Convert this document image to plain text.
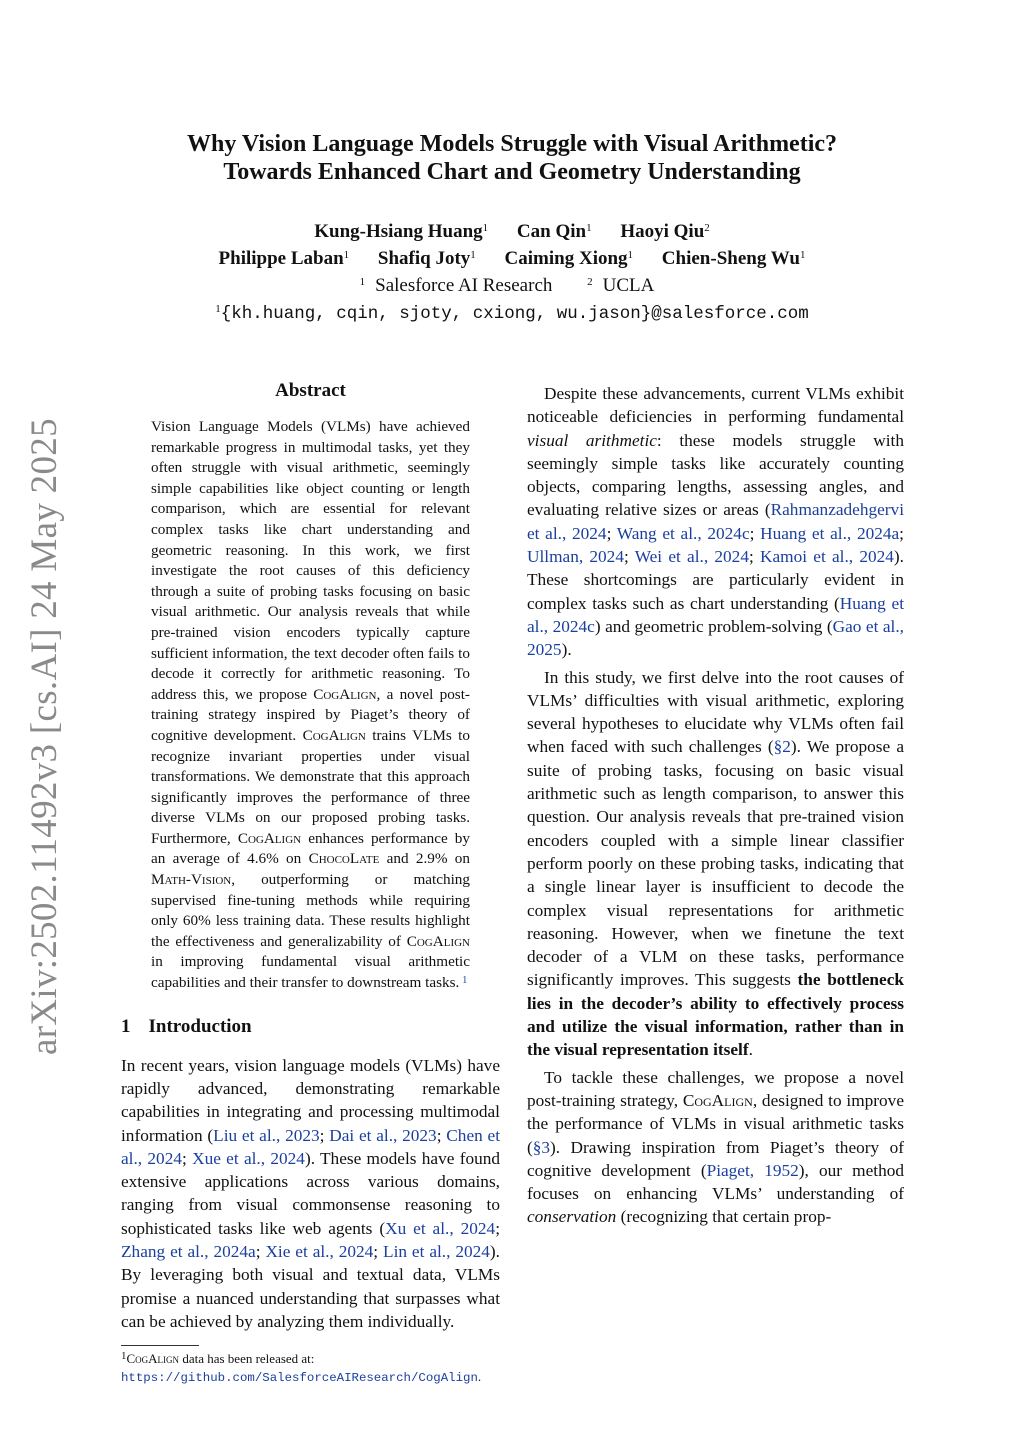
arXiv:2502.11492v3 [cs.AI] 24 May 2025
Why Vision Language Models Struggle with Visual Arithmetic?
Towards Enhanced Chart and Geometry Understanding
Kung-Hsiang Huang$^1$ Can Qin$^1$ Haoyi Qiu$^2$
Philippe Laban$^1$ Shafiq Joty$^1$ Caiming Xiong$^1$ Chien-Sheng Wu$^1$
$^1$ Salesforce AI Research	$^2$ UCLA
$^1${kh.huang, cqin, sjoty, cxiong, wu.jason}@salesforce.com
Abstract

Vision Language Models (VLMs) have achieved remarkable progress in multimodal tasks, yet they often struggle with visual arithmetic, seemingly simple capabilities like object counting or length comparison, which are essential for relevant complex tasks like chart understanding and geometric reasoning. In this work, we first investigate the root causes of this deficiency through a suite of probing tasks focusing on basic visual arithmetic. Our analysis reveals that while pre-trained vision encoders typically capture sufficient information, the text decoder often fails to decode it correctly for arithmetic reasoning. To address this, we propose CogAlign, a novel post-training strategy inspired by Piaget’s theory of cognitive development. CogAlign trains VLMs to recognize invariant properties under visual transformations. We demonstrate that this approach significantly improves the performance of three diverse VLMs on our proposed probing tasks. Furthermore, CogAlign enhances performance by an average of 4.6% on ChocoLate and 2.9% on Math-Vision, outperforming or matching supervised fine-tuning methods while requiring only 60% less training data. These results highlight the effectiveness and generalizability of CogAlign in improving fundamental visual arithmetic capabilities and their transfer to downstream tasks. $^1$

1 Introduction

In recent years, vision language models (VLMs) have rapidly advanced, demonstrating remarkable capabilities in integrating and processing multimodal information (Liu et al., 2023; Dai et al., 2023; Chen et al., 2024; Xue et al., 2024). These models have found extensive applications across various domains, ranging from visual commonsense reasoning to sophisticated tasks like web agents (Xu et al., 2024; Zhang et al., 2024a; Xie et al., 2024; Lin et al., 2024). By leveraging both visual and textual data, VLMs promise a nuanced understanding that surpasses what can be achieved by analyzing them individually.

$^1$CogAlign data has been released at: https://github.com/SalesforceAIResearch/CogAlign.

Despite these advancements, current VLMs exhibit noticeable deficiencies in performing fundamental visual arithmetic: these models struggle with seemingly simple tasks like accurately counting objects, comparing lengths, assessing angles, and evaluating relative sizes or areas (Rahmanzadehgervi et al., 2024; Wang et al., 2024c; Huang et al., 2024a; Ullman, 2024; Wei et al., 2024; Kamoi et al., 2024). These shortcomings are particularly evident in complex tasks such as chart understanding (Huang et al., 2024c) and geometric problem-solving (Gao et al., 2025).

In this study, we first delve into the root causes of VLMs’ difficulties with visual arithmetic, exploring several hypotheses to elucidate why VLMs often fail when faced with such challenges (§2). We propose a suite of probing tasks, focusing on basic visual arithmetic such as length comparison, to answer this question. Our analysis reveals that pre-trained vision encoders coupled with a simple linear classifier perform poorly on these probing tasks, indicating that a single linear layer is insufficient to decode the complex visual representations for arithmetic reasoning. However, when we finetune the text decoder of a VLM on these tasks, performance significantly improves. This suggests the bottleneck lies in the decoder’s ability to effectively process and utilize the visual information, rather than in the visual representation itself.

To tackle these challenges, we propose a novel post-training strategy, CogAlign, designed to improve the performance of VLMs in visual arithmetic tasks (§3). Drawing inspiration from Piaget’s theory of cognitive development (Piaget, 1952), our method focuses on enhancing VLMs’ understanding of conservation (recognizing that certain prop-
